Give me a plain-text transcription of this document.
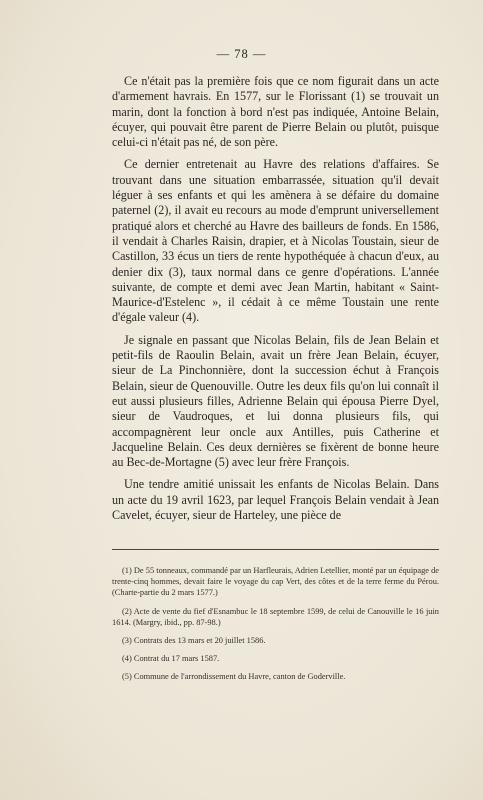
— 78 —

Ce n'était pas la première fois que ce nom figurait dans un acte d'armement havrais. En 1577, sur le Florissant (1) se trouvait un marin, dont la fonction à bord n'est pas indiquée, Antoine Belain, écuyer, qui pouvait être parent de Pierre Belain ou plutôt, puisque celui-ci n'était pas né, de son père.

Ce dernier entretenait au Havre des relations d'affaires. Se trouvant dans une situation embarrassée, situation qu'il devait léguer à ses enfants et qui les amènera à se défaire du domaine paternel (2), il avait eu recours au mode d'emprunt universellement pratiqué alors et cherché au Havre des bailleurs de fonds. En 1586, il vendait à Charles Raisin, drapier, et à Nicolas Toustain, sieur de Castillon, 33 écus un tiers de rente hypothéquée à chacun d'eux, au denier dix (3), taux normal dans ce genre d'opérations. L'année suivante, de compte et demi avec Jean Martin, habitant « Saint-Maurice-d'Estelenc », il cédait à ce même Toustain une rente d'égale valeur (4).

Je signale en passant que Nicolas Belain, fils de Jean Belain et petit-fils de Raoulin Belain, avait un frère Jean Belain, écuyer, sieur de La Pinchonnière, dont la succession échut à François Belain, sieur de Quenouville. Outre les deux fils qu'on lui connaît il eut aussi plusieurs filles, Adrienne Belain qui épousa Pierre Dyel, sieur de Vaudroques, et lui donna plusieurs fils, qui accompagnèrent leur oncle aux Antilles, puis Catherine et Jacqueline Belain. Ces deux dernières se fixèrent de bonne heure au Bec-de-Mortagne (5) avec leur frère François.

Une tendre amitié unissait les enfants de Nicolas Belain. Dans un acte du 19 avril 1623, par lequel François Belain vendait à Jean Cavelet, écuyer, sieur de Harteley, une pièce de

(1) De 55 tonneaux, commandé par un Harfleurais, Adrien Letellier, monté par un équipage de trente-cinq hommes, devait faire le voyage du cap Vert, des côtes et de la terre ferme du Pérou. (Charte-partie du 2 mars 1577.)

(2) Acte de vente du fief d'Esnambuc le 18 septembre 1599, de celui de Canouville le 16 juin 1614. (Margry, ibid., pp. 87-98.)

(3) Contrats des 13 mars et 20 juillet 1586.

(4) Contrat du 17 mars 1587.

(5) Commune de l'arrondissement du Havre, canton de Goderville.
